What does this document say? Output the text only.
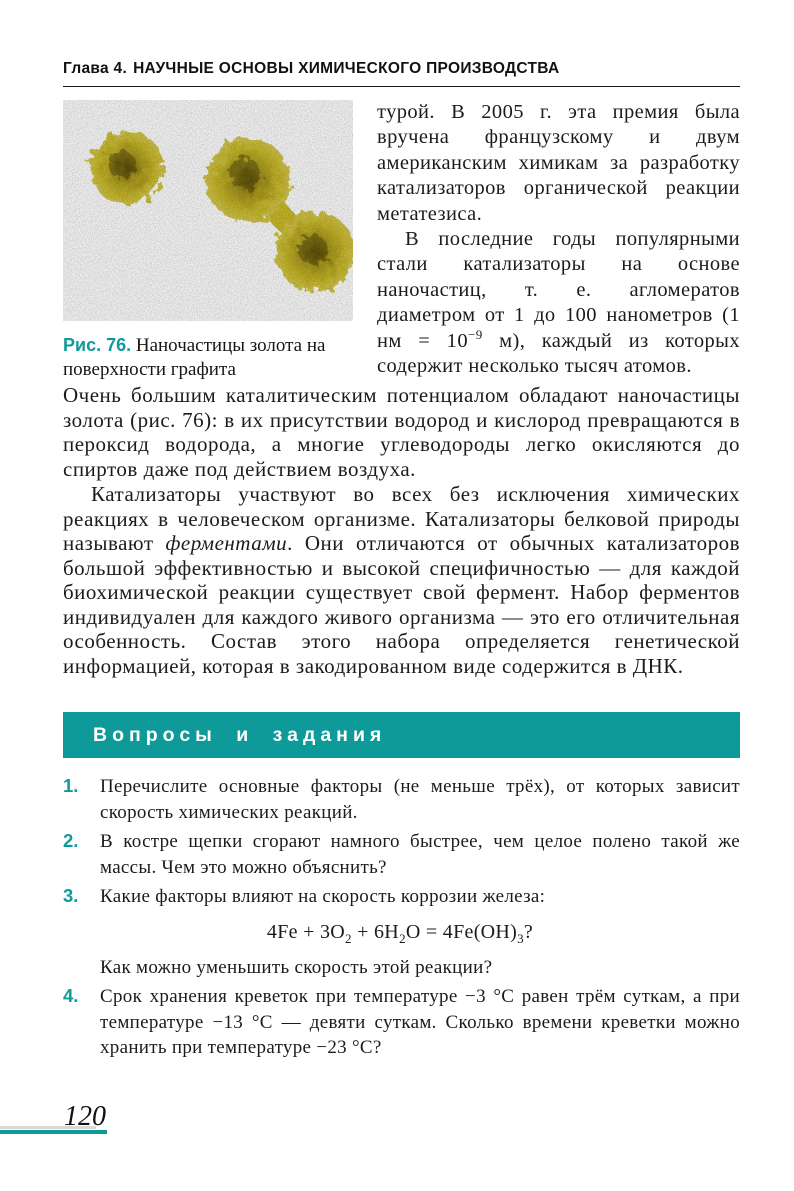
Глава 4. НАУЧНЫЕ ОСНОВЫ ХИМИЧЕСКОГО ПРОИЗВОДСТВА
Рис. 76. Наночастицы золота на поверхности графита

турой. В 2005 г. эта премия была вручена французскому и двум американским химикам за разработку катализаторов органической реакции метатезиса.

В последние годы популярными стали катализаторы на основе наночастиц, т. е. агломератов диаметром от 1 до 100 нанометров (1 нм = $10^{-9}$ м), каждый из которых содержит несколько тысяч атомов.

Очень большим каталитическим потенциалом обладают наночастицы золота (рис. 76): в их присутствии водород и кислород превращаются в пероксид водорода, а многие углеводороды легко окисляются до спиртов даже под действием воздуха.

Катализаторы участвуют во всех без исключения химических реакциях в человеческом организме. Катализаторы белковой природы называют ферментами. Они отличаются от обычных катализаторов большой эффективностью и высокой специфичностью — для каждой биохимической реакции существует свой фермент. Набор ферментов индивидуален для каждого живого организма — это его отличительная особенность. Состав этого набора определяется генетической информацией, которая в закодированном виде содержится в ДНК.

Вопросы и задания
1.	Перечислите основные факторы (не меньше трёх), от которых зависит скорость химических реакций.

2.	В костре щепки сгорают намного быстрее, чем целое полено такой же массы. Чем это можно объяснить?

3.	Какие факторы влияют на скорость коррозии железа:

$4Fe + 3O_2 + 6H_2O = 4Fe(OH)_3$?

Как можно уменьшить скорость этой реакции?

4.	Срок хранения креветок при температуре −3 °С равен трём суткам, а при температуре −13 °С — девяти суткам. Сколько времени креветки можно хранить при температуре −23 °С?

120
